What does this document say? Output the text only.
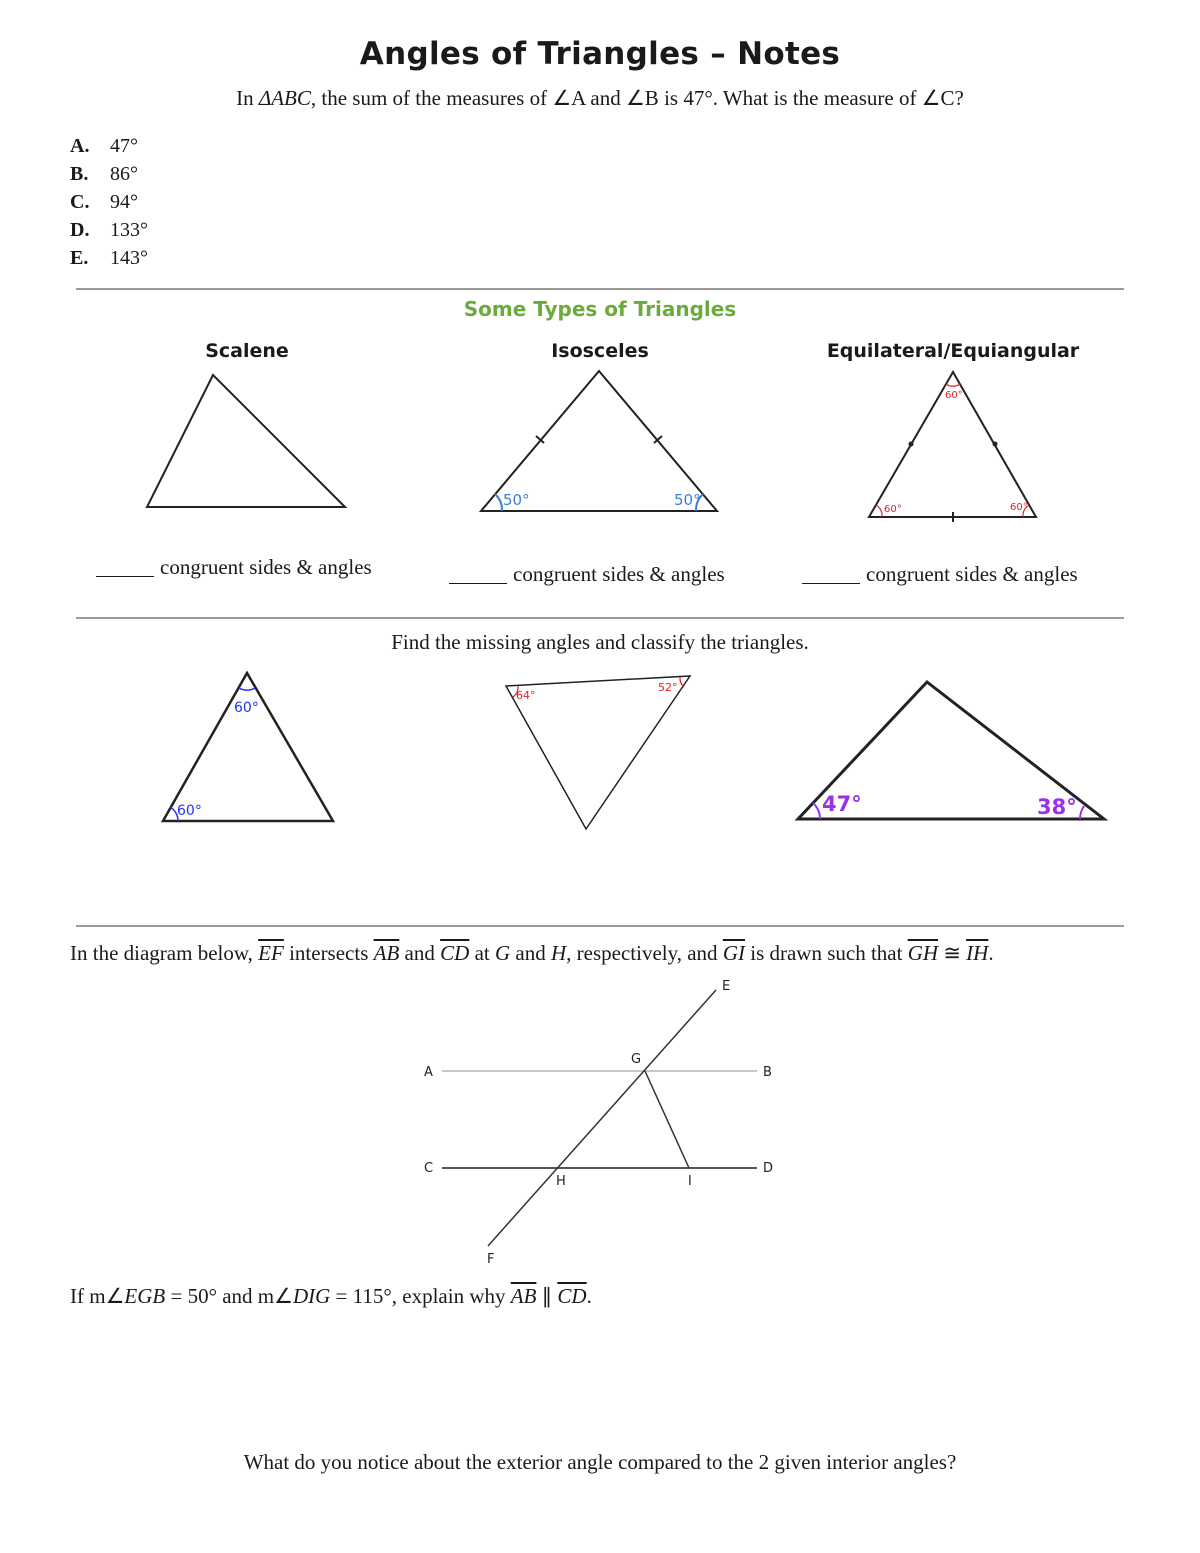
Angles of Triangles – Notes
In ΔABC, the sum of the measures of ∠A and ∠B is 47°. What is the measure of ∠C?
A. 47°
B. 86°
C. 94°
D. 133°
E. 143°
Some Types of Triangles
Scalene	Isosceles	Equilateral/Equiangular
50°	50°
60°
60°	60°
congruent sides & angles	congruent sides & angles	congruent sides & angles
Find the missing angles and classify the triangles.
60°
60°
64°
52°
47°	38°
In the diagram below, $\overline{EF}$ intersects $\overline{AB}$ and $\overline{CD}$ at G and H, respectively, and $\overline{GI}$ is drawn such that $\overline{GH}$ ≅ $\overline{IH}$.
A	B
C	D
E
F
G
H	I
If m∠EGB = 50° and m∠DIG = 115°, explain why $\overline{AB}$ ∥ $\overline{CD}$.
What do you notice about the exterior angle compared to the 2 given interior angles?
